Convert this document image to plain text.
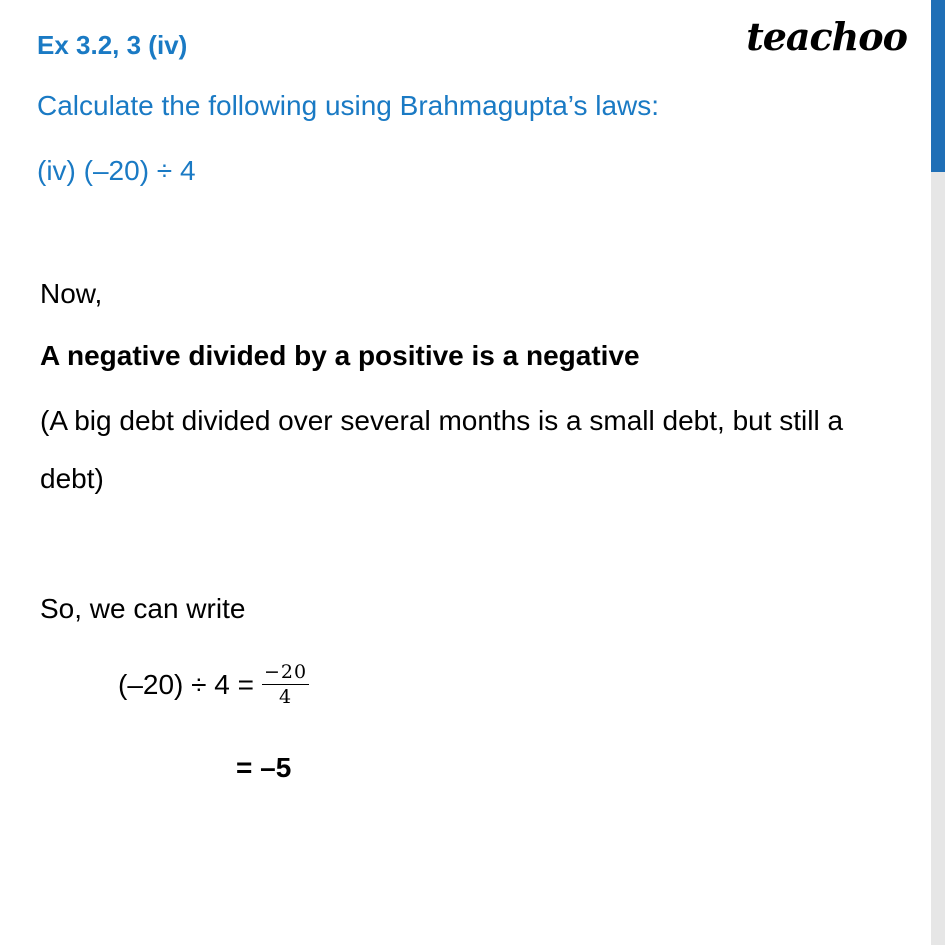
Ex 3.2, 3 (iv)
Calculate the following using Brahmagupta’s laws:
(iv) (–20) ÷ 4
teachoo
Now,
A negative divided by a positive is a negative
(A big debt divided over several months is a small debt, but still a
debt)
So, we can write
$(-20) \div 4 = \frac{-20}{4}$
= –5
